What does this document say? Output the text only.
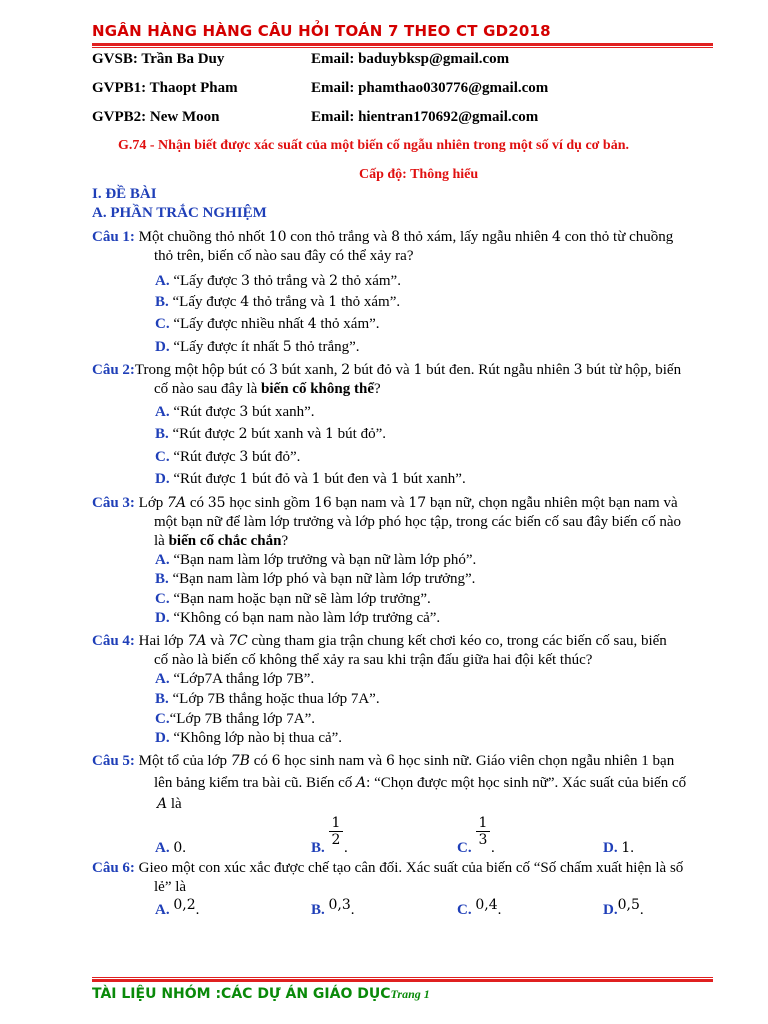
NGÂN HÀNG HÀNG CÂU HỎI TOÁN 7 THEO CT GD2018
GVSB: Trần Ba Duy	Email: baduybksp@gmail.com
GVPB1: Thaopt Pham	Email: phamthao030776@gmail.com
GVPB2: New Moon	Email: hientran170692@gmail.com
G.74 - Nhận biết được xác suất của một biến cố ngẫu nhiên trong một số ví dụ cơ bản.
Cấp độ: Thông hiểu
I. ĐỀ BÀI
A. PHẦN TRẮC NGHIỆM
Câu 1: Một chuồng thỏ nhốt 10 con thỏ trắng và 8 thỏ xám, lấy ngẫu nhiên 4 con thỏ từ chuồng
thỏ trên, biến cố nào sau đây có thể xảy ra?
A. “Lấy được 3 thỏ trắng và 2 thỏ xám”.
B. “Lấy được 4 thỏ trắng và 1 thỏ xám”.
C. “Lấy được nhiều nhất 4 thỏ xám”.
D. “Lấy được ít nhất 5 thỏ trắng”.
Câu 2:Trong một hộp bút có 3 bút xanh, 2 bút đỏ và 1 bút đen. Rút ngẫu nhiên 3 bút từ hộp, biến
cố nào sau đây là biến cố không thể?
A. “Rút được 3 bút xanh”.
B. “Rút được 2 bút xanh và 1 bút đỏ”.
C. “Rút được 3 bút đỏ”.
D. “Rút được 1 bút đỏ và 1 bút đen và 1 bút xanh”.
Câu 3: Lớp 7A có 35 học sinh gồm 16 bạn nam và 17 bạn nữ, chọn ngẫu nhiên một bạn nam và
một bạn nữ để làm lớp trưởng và lớp phó học tập, trong các biến cố sau đây biến cố nào
là biến cố chắc chắn?
A. “Bạn nam làm lớp trưởng và bạn nữ làm lớp phó”.
B. “Bạn nam làm lớp phó và bạn nữ làm lớp trưởng”.
C. “Bạn nam hoặc bạn nữ sẽ làm lớp trưởng”.
D. “Không có bạn nam nào làm lớp trưởng cả”.
Câu 4: Hai lớp 7A và 7C cùng tham gia trận chung kết chơi kéo co, trong các biến cố sau, biến
cố nào là biến cố không thể xảy ra sau khi trận đấu giữa hai đội kết thúc?
A. “Lớp7A thắng lớp 7B”.
B. “Lớp 7B thắng hoặc thua lớp 7A”.
C.“Lớp 7B thắng lớp 7A”.
D. “Không lớp nào bị thua cả”.
Câu 5: Một tổ của lớp 7B có 6 học sinh nam và 6 học sinh nữ. Giáo viên chọn ngẫu nhiên 1 bạn
lên bảng kiểm tra bài cũ. Biến cố A: “Chọn được một học sinh nữ”. Xác suất của biến cố
A là
A. 0.	B. $\frac{1}{2}$ .	C. $\frac{1}{3}$ .	D. 1.
Câu 6: Gieo một con xúc xắc được chế tạo cân đối. Xác suất của biến cố “Số chấm xuất hiện là số
lẻ” là
A. 0,2.	B. 0,3.	C. 0,4.	D.0,5.
TÀI LIỆU NHÓM :CÁC DỰ ÁN GIÁO DỤCTrang 1
